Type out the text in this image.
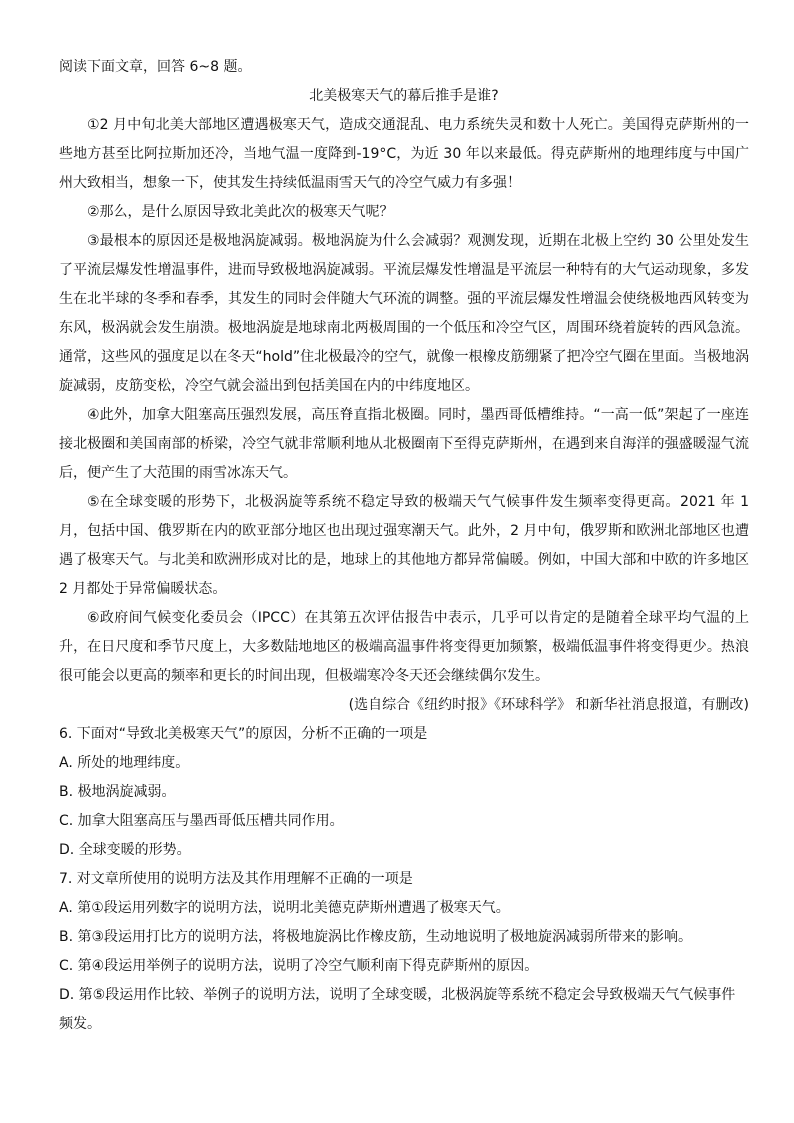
阅读下面文章，回答 6~8 题。

北美极寒天气的幕后推手是谁?

①2 月中旬北美大部地区遭遇极寒天气，造成交通混乱、电力系统失灵和数十人死亡。美国得克萨斯州的一些地方甚至比阿拉斯加还冷，当地气温一度降到-19°C，为近 30 年以来最低。得克萨斯州的地理纬度与中国广州大致相当，想象一下，使其发生持续低温雨雪天气的冷空气威力有多强！

②那么，是什么原因导致北美此次的极寒天气呢？

③最根本的原因还是极地涡旋减弱。极地涡旋为什么会减弱？观测发现，近期在北极上空约 30 公里处发生了平流层爆发性增温事件，进而导致极地涡旋减弱。平流层爆发性增温是平流层一种特有的大气运动现象，多发生在北半球的冬季和春季，其发生的同时会伴随大气环流的调整。强的平流层爆发性增温会使绕极地西风转变为东风，极涡就会发生崩溃。极地涡旋是地球南北两极周围的一个低压和冷空气区，周围环绕着旋转的西风急流。通常，这些风的强度足以在冬天“hold”住北极最冷的空气，就像一根橡皮筋绷紧了把冷空气圈在里面。当极地涡旋减弱，皮筋变松，冷空气就会溢出到包括美国在内的中纬度地区。

④此外，加拿大阻塞高压强烈发展，高压脊直指北极圈。同时，墨西哥低槽维持。“一高一低”架起了一座连接北极圈和美国南部的桥梁，冷空气就非常顺利地从北极圈南下至得克萨斯州，在遇到来自海洋的强盛暖湿气流后，便产生了大范围的雨雪冰冻天气。

⑤在全球变暖的形势下，北极涡旋等系统不稳定导致的极端天气气候事件发生频率变得更高。2021 年 1 月，包括中国、俄罗斯在内的欧亚部分地区也出现过强寒潮天气。此外，2 月中旬，俄罗斯和欧洲北部地区也遭遇了极寒天气。与北美和欧洲形成对比的是，地球上的其他地方都异常偏暖。例如，中国大部和中欧的许多地区 2 月都处于异常偏暖状态。

⑥政府间气候变化委员会（IPCC）在其第五次评估报告中表示，几乎可以肯定的是随着全球平均气温的上升，在日尺度和季节尺度上，大多数陆地地区的极端高温事件将变得更加频繁，极端低温事件将变得更少。热浪很可能会以更高的频率和更长的时间出现，但极端寒冷冬天还会继续偶尔发生。

(选自综合《纽约时报》《环球科学》 和新华社消息报道，有删改)

6. 下面对“导致北美极寒天气”的原因，分析不正确的一项是

A. 所处的地理纬度。

B. 极地涡旋减弱。

C. 加拿大阻塞高压与墨西哥低压槽共同作用。

D. 全球变暖的形势。

7. 对文章所使用的说明方法及其作用理解不正确的一项是

A. 第①段运用列数字的说明方法，说明北美德克萨斯州遭遇了极寒天气。

B. 第③段运用打比方的说明方法，将极地旋涡比作橡皮筋，生动地说明了极地旋涡减弱所带来的影响。

C. 第④段运用举例子的说明方法，说明了冷空气顺利南下得克萨斯州的原因。

D. 第⑤段运用作比较、举例子的说明方法，说明了全球变暖，北极涡旋等系统不稳定会导致极端天气气候事件频发。
